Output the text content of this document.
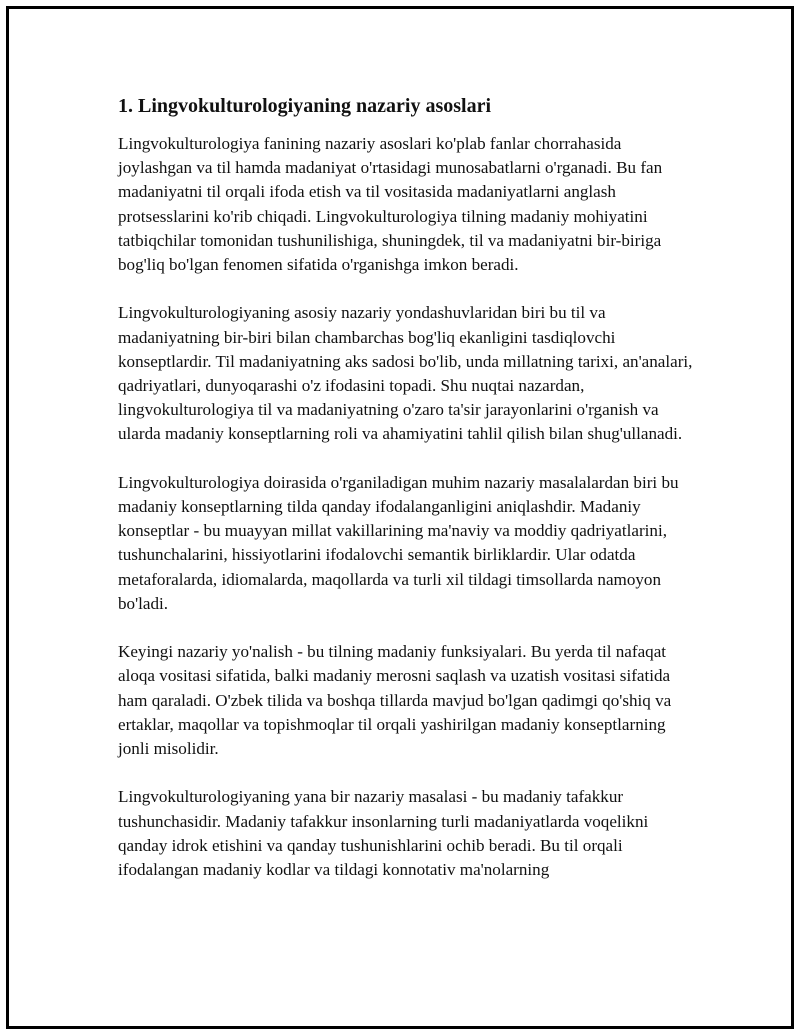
1. Lingvokulturologiyaning nazariy asoslari

Lingvokulturologiya fanining nazariy asoslari ko'plab fanlar chorrahasida joylashgan va til hamda madaniyat o'rtasidagi munosabatlarni o'rganadi. Bu fan madaniyatni til orqali ifoda etish va til vositasida madaniyatlarni anglash protsesslarini ko'rib chiqadi. Lingvokulturologiya tilning madaniy mohiyatini tatbiqchilar tomonidan tushunilishiga, shuningdek, til va madaniyatni bir-biriga bog'liq bo'lgan fenomen sifatida o'rganishga imkon beradi.

Lingvokulturologiyaning asosiy nazariy yondashuvlaridan biri bu til va madaniyatning bir-biri bilan chambarchas bog'liq ekanligini tasdiqlovchi konseptlardir. Til madaniyatning aks sadosi bo'lib, unda millatning tarixi, an'analari, qadriyatlari, dunyoqarashi o'z ifodasini topadi. Shu nuqtai nazardan, lingvokulturologiya til va madaniyatning o'zaro ta'sir jarayonlarini o'rganish va ularda madaniy konseptlarning roli va ahamiyatini tahlil qilish bilan shug'ullanadi.

Lingvokulturologiya doirasida o'rganiladigan muhim nazariy masalalardan biri bu madaniy konseptlarning tilda qanday ifodalanganligini aniqlashdir. Madaniy konseptlar - bu muayyan millat vakillarining ma'naviy va moddiy qadriyatlarini, tushunchalarini, hissiyotlarini ifodalovchi semantik birliklardir. Ular odatda metaforalarda, idiomalarda, maqollarda va turli xil tildagi timsollarda namoyon bo'ladi.

Keyingi nazariy yo'nalish - bu tilning madaniy funksiyalari. Bu yerda til nafaqat aloqa vositasi sifatida, balki madaniy merosni saqlash va uzatish vositasi sifatida ham qaraladi. O'zbek tilida va boshqa tillarda mavjud bo'lgan qadimgi qo'shiq va ertaklar, maqollar va topishmoqlar til orqali yashirilgan madaniy konseptlarning jonli misolidir.

Lingvokulturologiyaning yana bir nazariy masalasi - bu madaniy tafakkur tushunchasidir. Madaniy tafakkur insonlarning turli madaniyatlarda voqelikni qanday idrok etishini va qanday tushunishlarini ochib beradi. Bu til orqali ifodalangan madaniy kodlar va tildagi konnotativ ma'nolarning
